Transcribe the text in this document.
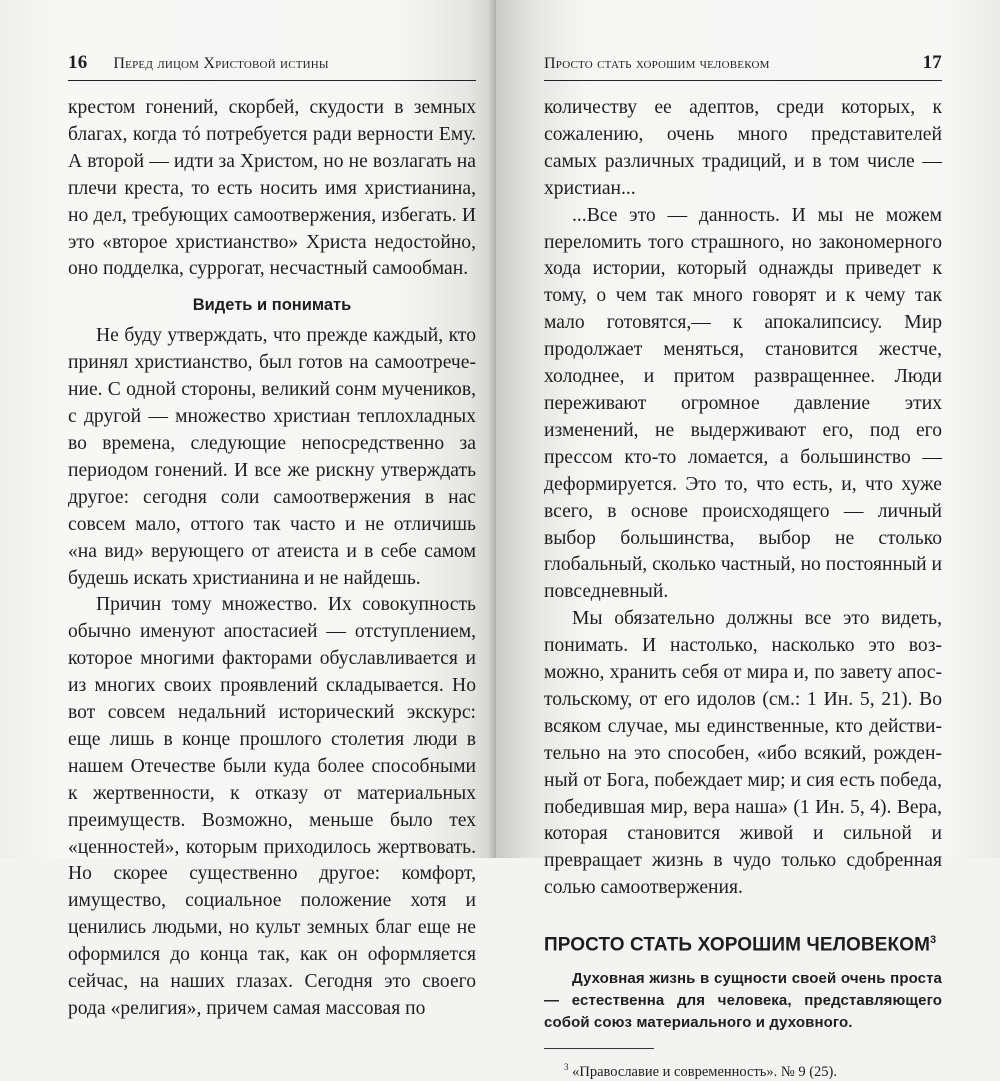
16 Перед лицом Христовой истины

крестом гонений, скорбей, скудости в земных благах, когда тó потребуется ради верности Ему. А второй — идти за Христом, но не возлагать на плечи креста, то есть носить имя христианина, но дел, требующих самоотвержения, избегать. И это «второе христианство» Христа недостойно, оно подделка, суррогат, несчастный самообман.

Видеть и понимать

Не буду утверждать, что прежде каждый, кто принял христианство, был готов на самоотречение. С одной стороны, великий сонм мучеников, с другой — множество христиан теплохладных во времена, следующие непосредственно за периодом гонений. И все же рискну утверждать другое: сегодня соли самоотвержения в нас совсем мало, оттого так часто и не отличишь «на вид» верующего от атеиста и в себе самом будешь искать христианина и не найдешь.

Причин тому множество. Их совокупность обычно именуют апостасией — отступлением, которое многими факторами обуславливается и из многих своих проявлений складывается. Но вот совсем недальний исторический экскурс: еще лишь в конце прошлого столетия люди в нашем Отечестве были куда более способными к жертвенности, к отказу от материальных преимуществ. Возможно, меньше было тех «ценностей», которым приходилось жертвовать. Но скорее существенно другое: комфорт, имущество, социальное положение хотя и ценились людьми, но культ земных благ еще не оформился до конца так, как он оформляется сейчас, на наших глазах. Сегодня это своего рода «религия», причем самая массовая по

Просто стать хорошим человеком	17

количеству ее адептов, среди которых, к сожалению, очень много представителей самых различных традиций, и в том числе — христиан...

...Все это — данность. И мы не можем переломить того страшного, но закономерного хода истории, который однажды приведет к тому, о чем так много говорят и к чему так мало готовятся,— к апокалипсису. Мир продолжает меняться, становится жестче, холоднее, и притом развращеннее. Люди переживают огромное давление этих изменений, не выдерживают его, под его прессом кто-то ломается, а большинство — деформируется. Это то, что есть, и, что хуже всего, в основе происходящего — личный выбор большинства, выбор не столько глобальный, сколько частный, но постоянный и повседневный.

Мы обязательно должны все это видеть, понимать. И настолько, насколько это возможно, хранить себя от мира и, по завету апостольскому, от его идолов (см.: 1 Ин. 5, 21). Во всяком случае, мы единственные, кто действительно на это способен, «ибо всякий, рожденный от Бога, побеждает мир; и сия есть победа, победившая мир, вера наша» (1 Ин. 5, 4). Вера, которая становится живой и сильной и превращает жизнь в чудо только сдобренная солью самоотвержения.

ПРОСТО СТАТЬ ХОРОШИМ ЧЕЛОВЕКОМ$^3$

Духовная жизнь в сущности своей очень проста — естественна для человека, представляющего собой союз материального и духовного.

$^3$ «Православие и современность». № 9 (25).
